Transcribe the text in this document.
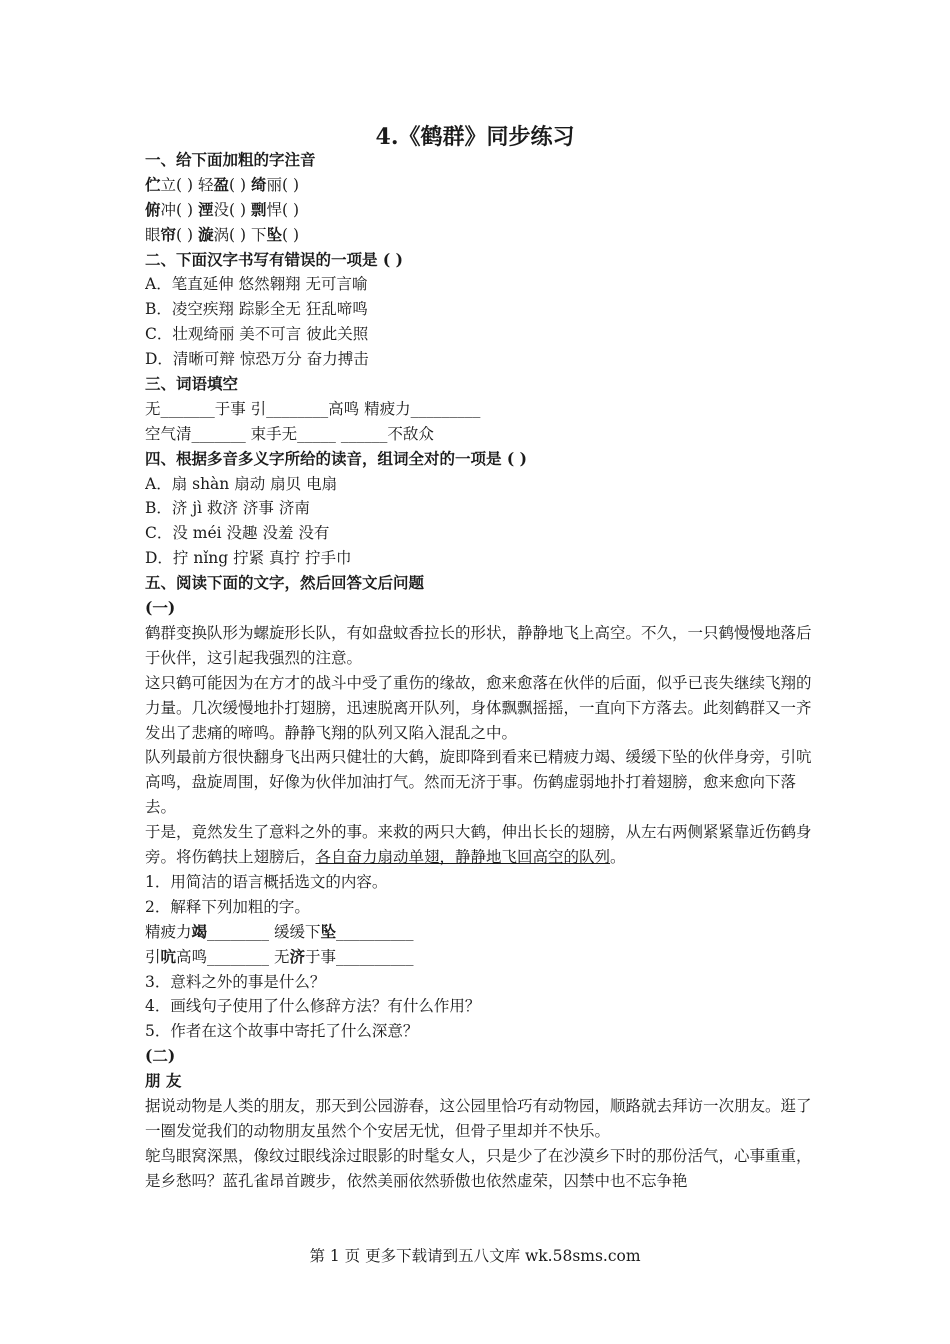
4.《鹤群》同步练习
一、给下面加粗的字注音
伫立( ) 轻盈( ) 绮丽( )
俯冲( ) 湮没( ) 剽悍( )
眼帘( ) 漩涡( ) 下坠( )
二、下面汉字书写有错误的一项是 ( )
A．笔直延伸 悠然翱翔 无可言喻
B．凌空疾翔 踪影全无 狂乱啼鸣
C．壮观绮丽 美不可言 彼此关照
D．清晰可辩 惊恐万分 奋力搏击
三、词语填空
无_______于事 引________高鸣 精疲力_________
空气清_______ 束手无_____ ______不敌众
四、根据多音多义字所给的读音，组词全对的一项是 ( )
A．扇 shàn 扇动 扇贝 电扇
B．济 jì 救济 济事 济南
C．没 méi 没趣 没羞 没有
D．拧 nǐng 拧紧 真拧 拧手巾
五、阅读下面的文字，然后回答文后问题
(一)
鹤群变换队形为螺旋形长队，有如盘蚊香拉长的形状，静静地飞上高空。不久，一只鹤慢慢地落后于伙伴，这引起我强烈的注意。
这只鹤可能因为在方才的战斗中受了重伤的缘故，愈来愈落在伙伴的后面，似乎已丧失继续飞翔的力量。几次缓慢地扑打翅膀，迅速脱离开队列，身体飘飘摇摇，一直向下方落去。此刻鹤群又一齐发出了悲痛的啼鸣。静静飞翔的队列又陷入混乱之中。
队列最前方很快翻身飞出两只健壮的大鹤，旋即降到看来已精疲力竭、缓缓下坠的伙伴身旁，引吭高鸣，盘旋周围，好像为伙伴加油打气。然而无济于事。伤鹤虚弱地扑打着翅膀，愈来愈向下落去。
于是，竟然发生了意料之外的事。来救的两只大鹤，伸出长长的翅膀，从左右两侧紧紧靠近伤鹤身旁。将伤鹤扶上翅膀后，各自奋力扇动单翅，静静地飞回高空的队列。
1．用简洁的语言概括选文的内容。
2．解释下列加粗的字。
精疲力竭________ 缓缓下坠__________
引吭高鸣________ 无济于事__________
3．意料之外的事是什么？
4．画线句子使用了什么修辞方法？有什么作用？
5．作者在这个故事中寄托了什么深意？
(二)
朋 友
据说动物是人类的朋友，那天到公园游春，这公园里恰巧有动物园，顺路就去拜访一次朋友。逛了一圈发觉我们的动物朋友虽然个个安居无忧，但骨子里却并不快乐。
鸵鸟眼窝深黑，像纹过眼线涂过眼影的时髦女人，只是少了在沙漠乡下时的那份活气，心事重重，是乡愁吗？蓝孔雀昂首踱步，依然美丽依然骄傲也依然虚荣，囚禁中也不忘争艳
第 1 页 更多下载请到五八文库 wk.58sms.com
